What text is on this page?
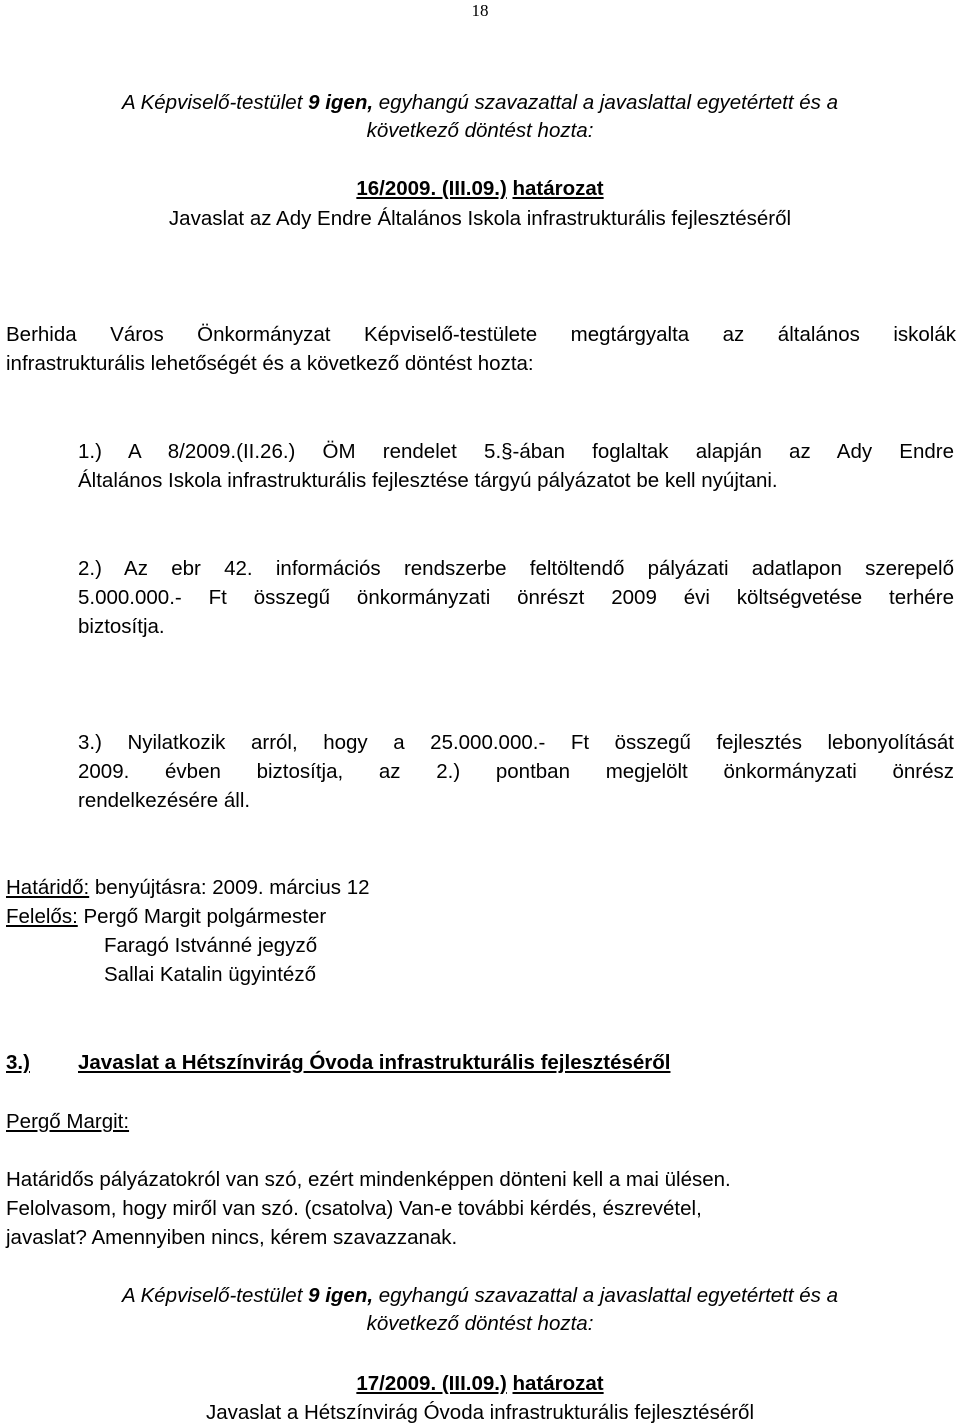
18
A Képviselő-testület 9 igen, egyhangú szavazattal a javaslattal egyetértett és a
következő döntést hozta:
16/2009. (III.09.) határozat
Javaslat az Ady Endre Általános Iskola infrastrukturális fejlesztéséről

Berhida Város Önkormányzat Képviselő-testülete megtárgyalta az általános iskolák

infrastrukturális lehetőségét és a következő döntést hozta:

1.) A 8/2009.(II.26.) ÖM rendelet 5.§-ában foglaltak alapján az Ady Endre

Általános Iskola infrastrukturális fejlesztése tárgyú pályázatot be kell nyújtani.

2.) Az ebr 42. információs rendszerbe feltöltendő pályázati adatlapon szerepelő

5.000.000.- Ft összegű önkormányzati önrészt 2009 évi költségvetése terhére

biztosítja.

3.) Nyilatkozik arról, hogy a 25.000.000.- Ft összegű fejlesztés lebonyolítását

2009. évben biztosítja, az 2.) pontban megjelölt önkormányzati önrész

rendelkezésére áll.

Határidő: benyújtásra: 2009. március 12

Felelős: Pergő Margit polgármester

Faragó Istvánné jegyző

Sallai Katalin ügyintéző

3.) Javaslat a Hétszínvirág Óvoda infrastrukturális fejlesztéséről
Pergő Margit:

Határidős pályázatokról van szó, ezért mindenképpen dönteni kell a mai ülésen.

Felolvasom, hogy miről van szó. (csatolva) Van-e további kérdés, észrevétel,

javaslat? Amennyiben nincs, kérem szavazzanak.

A Képviselő-testület 9 igen, egyhangú szavazattal a javaslattal egyetértett és a
következő döntést hozta:
17/2009. (III.09.) határozat
Javaslat a Hétszínvirág Óvoda infrastrukturális fejlesztéséről
